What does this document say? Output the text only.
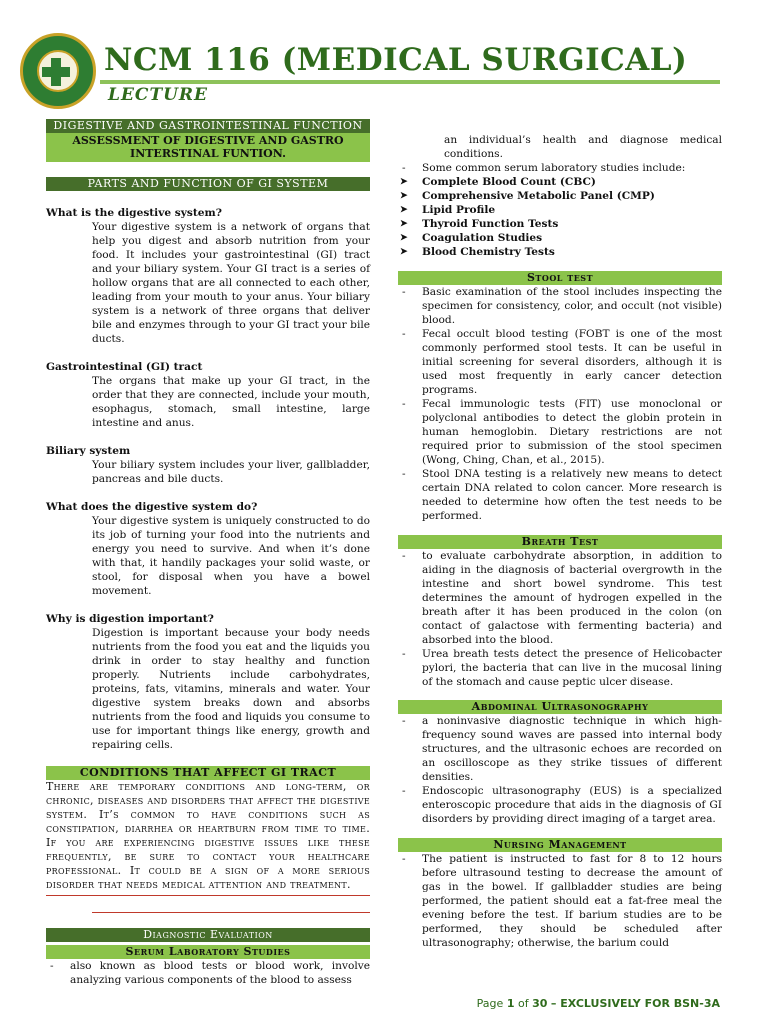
NCM 116 (MEDICAL SURGICAL)
LECTURE
DIGESTIVE AND GASTROINTESTINAL FUNCTION
ASSESSMENT OF DIGESTIVE AND GASTRO
INTERSTINAL FUNTION.
PARTS AND FUNCTION OF GI SYSTEM
What is the digestive system?
Your digestive system is a network of organs that help you digest and absorb nutrition from your food. It includes your gastrointestinal (GI) tract and your biliary system. Your GI tract is a series of hollow organs that are all connected to each other, leading from your mouth to your anus. Your biliary system is a network of three organs that deliver bile and enzymes through to your GI tract your bile ducts.
Gastrointestinal (GI) tract
The organs that make up your GI tract, in the order that they are connected, include your mouth, esophagus, stomach, small intestine, large intestine and anus.
Biliary system
Your biliary system includes your liver, gallbladder, pancreas and bile ducts.
What does the digestive system do?
Your digestive system is uniquely constructed to do its job of turning your food into the nutrients and energy you need to survive. And when it’s done with that, it handily packages your solid waste, or stool, for disposal when you have a bowel movement.
Why is digestion important?
Digestion is important because your body needs nutrients from the food you eat and the liquids you drink in order to stay healthy and function properly. Nutrients include carbohydrates, proteins, fats, vitamins, minerals and water. Your digestive system breaks down and absorbs nutrients from the food and liquids you consume to use for important things like energy, growth and repairing cells.
CONDITIONS THAT AFFECT GI TRACT
There are temporary conditions and long-term, or chronic, diseases and disorders that affect the digestive system. It’s common to have conditions such as constipation, diarrhea or heartburn from time to time. If you are experiencing digestive issues like these frequently, be sure to contact your healthcare professional. It could be a sign of a more serious disorder that needs medical attention and treatment.
Diagnostic Evaluation
Serum Laboratory Studies
- also known as blood tests or blood work, involve analyzing various components of the blood to assess
an individual’s health and diagnose medical conditions.
- Some common serum laboratory studies include:
➤ Complete Blood Count (CBC)
➤ Comprehensive Metabolic Panel (CMP)
➤ Lipid Profile
➤ Thyroid Function Tests
➤ Coagulation Studies
➤ Blood Chemistry Tests
Stool test
- Basic examination of the stool includes inspecting the specimen for consistency, color, and occult (not visible) blood.
- Fecal occult blood testing (FOBT is one of the most commonly performed stool tests. It can be useful in initial screening for several disorders, although it is used most frequently in early cancer detection programs.
- Fecal immunologic tests (FIT) use monoclonal or polyclonal antibodies to detect the globin protein in human hemoglobin. Dietary restrictions are not required prior to submission of the stool specimen (Wong, Ching, Chan, et al., 2015).
- Stool DNA testing is a relatively new means to detect certain DNA related to colon cancer. More research is needed to determine how often the test needs to be performed.
Breath Test
- to evaluate carbohydrate absorption, in addition to aiding in the diagnosis of bacterial overgrowth in the intestine and short bowel syndrome. This test determines the amount of hydrogen expelled in the breath after it has been produced in the colon (on contact of galactose with fermenting bacteria) and absorbed into the blood.
- Urea breath tests detect the presence of Helicobacter pylori, the bacteria that can live in the mucosal lining of the stomach and cause peptic ulcer disease.
Abdominal Ultrasonography
- a noninvasive diagnostic technique in which high-frequency sound waves are passed into internal body structures, and the ultrasonic echoes are recorded on an oscilloscope as they strike tissues of different densities.
- Endoscopic ultrasonography (EUS) is a specialized enteroscopic procedure that aids in the diagnosis of GI disorders by providing direct imaging of a target area.
Nursing Management
- The patient is instructed to fast for 8 to 12 hours before ultrasound testing to decrease the amount of gas in the bowel. If gallbladder studies are being performed, the patient should eat a fat-free meal the evening before the test. If barium studies are to be performed, they should be scheduled after ultrasonography; otherwise, the barium could
Page 1 of 30 – EXCLUSIVELY FOR BSN-3A
